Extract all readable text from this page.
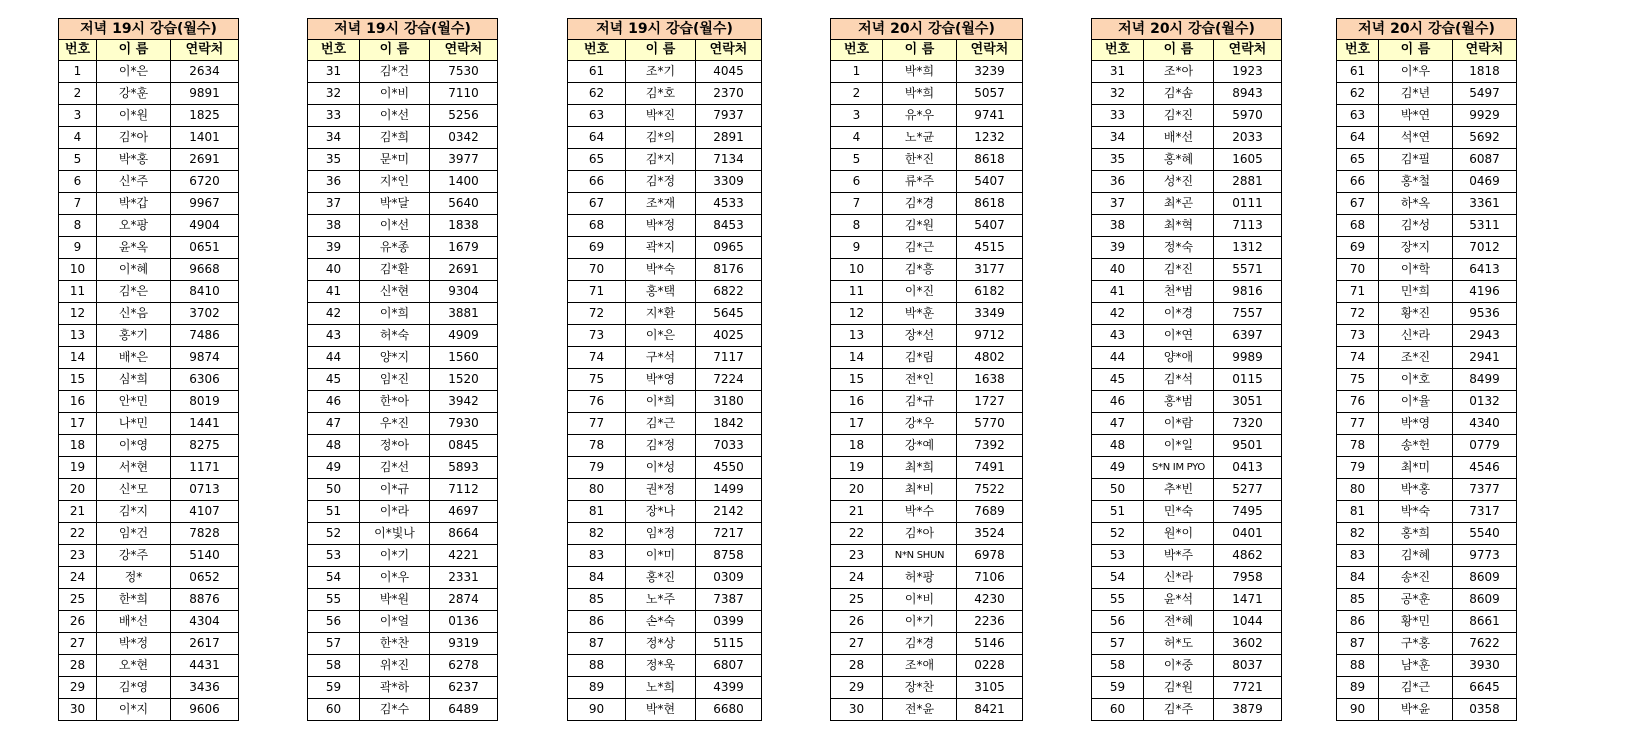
저녁 19시 강습(월수)		
번호	이 름	연락처
1	이*은	2634
2	강*훈	9891
3	이*원	1825
4	김*아	1401
5	박*홍	2691
6	신*주	6720
7	박*갑	9967
8	오*팡	4904
9	윤*옥	0651
10	이*혜	9668
11	김*은	8410
12	신*음	3702
13	홍*기	7486
14	배*은	9874
15	심*희	6306
16	안*민	8019
17	나*민	1441
18	이*영	8275
19	서*현	1171
20	신*모	0713
21	김*지	4107
22	임*건	7828
23	강*주	5140
24	정*	0652
25	한*희	8876
26	배*선	4304
27	박*정	2617
28	오*현	4431
29	김*영	3436
30	이*지	9606
저녁 19시 강습(월수)		
번호	이 름	연락처
31	김*건	7530
32	이*비	7110
33	이*선	5256
34	김*희	0342
35	문*미	3977
36	지*인	1400
37	박*달	5640
38	이*선	1838
39	유*종	1679
40	김*환	2691
41	신*현	9304
42	이*희	3881
43	허*숙	4909
44	양*지	1560
45	임*진	1520
46	한*아	3942
47	우*진	7930
48	정*아	0845
49	김*선	5893
50	이*규	7112
51	이*라	4697
52	이*빛나	8664
53	이*기	4221
54	이*우	2331
55	박*원	2874
56	이*얼	0136
57	한*찬	9319
58	위*진	6278
59	곽*하	6237
60	김*수	6489
저녁 19시 강습(월수)		
번호	이 름	연락처
61	조*기	4045
62	김*호	2370
63	박*진	7937
64	김*의	2891
65	김*지	7134
66	김*정	3309
67	조*재	4533
68	박*정	8453
69	곽*지	0965
70	박*숙	8176
71	홍*택	6822
72	지*환	5645
73	이*은	4025
74	구*석	7117
75	박*영	7224
76	이*희	3180
77	김*근	1842
78	김*정	7033
79	이*성	4550
80	권*정	1499
81	장*나	2142
82	임*정	7217
83	이*미	8758
84	홍*진	0309
85	노*주	7387
86	손*숙	0399
87	정*상	5115
88	정*욱	6807
89	노*희	4399
90	박*현	6680
저녁 20시 강습(월수)		
번호	이 름	연락처
1	박*희	3239
2	박*희	5057
3	유*우	9741
4	노*균	1232
5	한*진	8618
6	류*주	5407
7	김*경	8618
8	김*원	5407
9	김*근	4515
10	김*흥	3177
11	이*진	6182
12	박*훈	3349
13	장*선	9712
14	김*림	4802
15	전*인	1638
16	김*규	1727
17	강*우	5770
18	강*예	7392
19	최*희	7491
20	최*비	7522
21	박*수	7689
22	김*아	3524
23	N*N SHUN	6978
24	허*팡	7106
25	이*비	4230
26	이*기	2236
27	김*경	5146
28	조*애	0228
29	장*찬	3105
30	전*윤	8421
저녁 20시 강습(월수)		
번호	이 름	연락처
31	조*아	1923
32	김*솜	8943
33	김*진	5970
34	배*선	2033
35	홍*혜	1605
36	성*진	2881
37	최*곤	0111
38	최*혁	7113
39	정*숙	1312
40	김*진	5571
41	천*범	9816
42	이*경	7557
43	이*연	6397
44	양*애	9989
45	김*석	0115
46	홍*범	3051
47	이*람	7320
48	이*일	9501
49	S*N IM PYO	0413
50	추*빈	5277
51	민*숙	7495
52	원*이	0401
53	박*주	4862
54	신*라	7958
55	윤*석	1471
56	전*혜	1044
57	허*도	3602
58	이*중	8037
59	김*원	7721
60	김*주	3879
저녁 20시 강습(월수)		
번호	이 름	연락처
61	이*우	1818
62	김*년	5497
63	박*연	9929
64	석*연	5692
65	김*필	6087
66	홍*철	0469
67	하*옥	3361
68	김*성	5311
69	장*지	7012
70	이*학	6413
71	민*희	4196
72	황*진	9536
73	신*라	2943
74	조*진	2941
75	이*호	8499
76	이*율	0132
77	박*영	4340
78	송*헌	0779
79	최*미	4546
80	박*홍	7377
81	박*숙	7317
82	홍*희	5540
83	김*혜	9773
84	송*진	8609
85	공*훈	8609
86	황*민	8661
87	구*홍	7622
88	남*훈	3930
89	김*근	6645
90	박*윤	0358
